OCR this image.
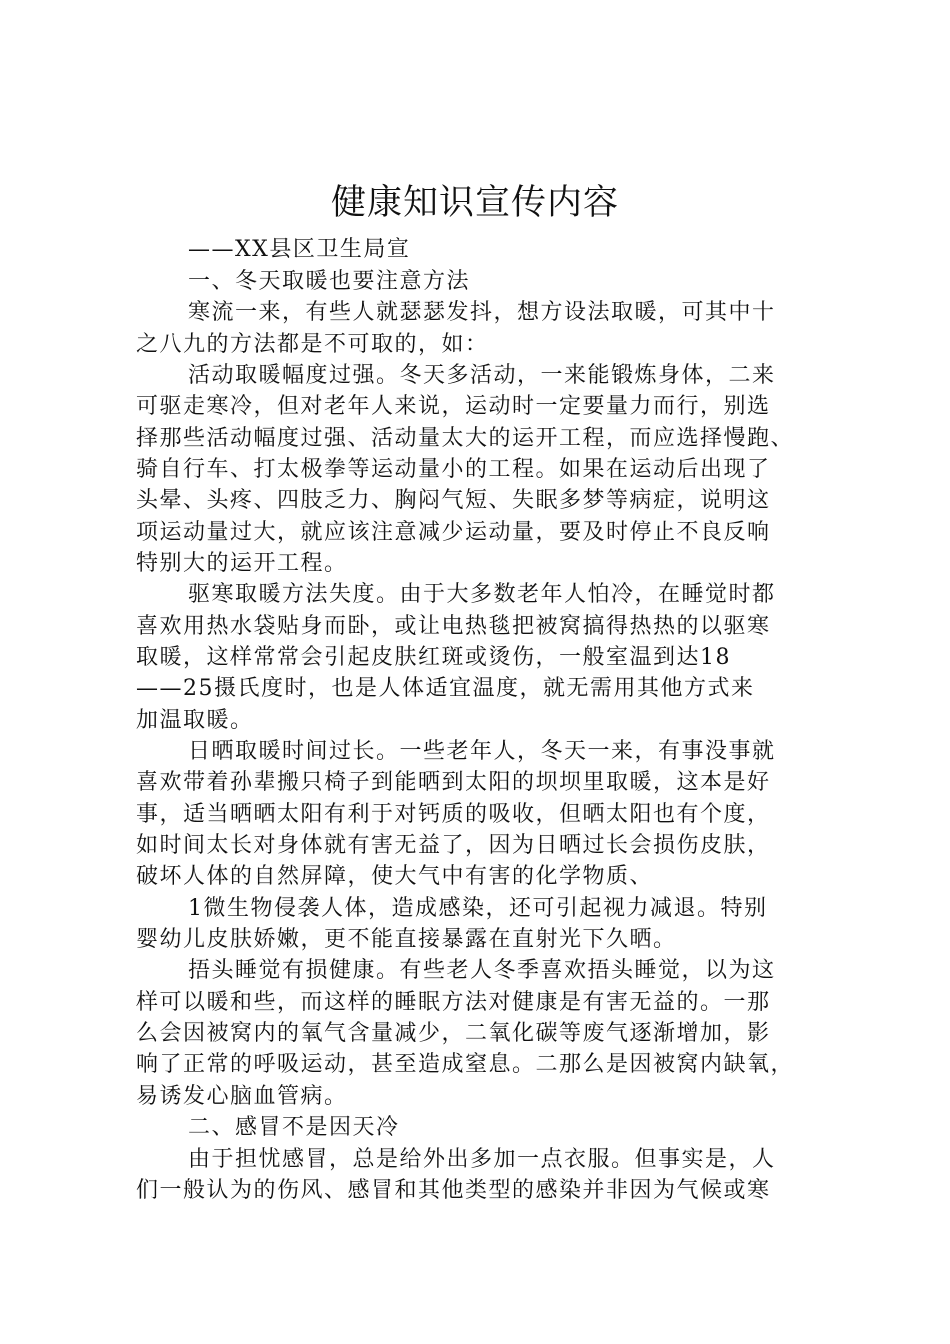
健康知识宣传内容
——XX县区卫生局宣
一、冬天取暖也要注意方法
寒流一来，有些人就瑟瑟发抖，想方设法取暖，可其中十
之八九的方法都是不可取的，如：
活动取暖幅度过强。冬天多活动，一来能锻炼身体，二来
可驱走寒冷，但对老年人来说，运动时一定要量力而行，别选
择那些活动幅度过强、活动量太大的运开工程，而应选择慢跑、
骑自行车、打太极拳等运动量小的工程。如果在运动后出现了
头晕、头疼、四肢乏力、胸闷气短、失眠多梦等病症，说明这
项运动量过大，就应该注意减少运动量，要及时停止不良反响
特别大的运开工程。
驱寒取暖方法失度。由于大多数老年人怕冷，在睡觉时都
喜欢用热水袋贴身而卧，或让电热毯把被窝搞得热热的以驱寒
取暖，这样常常会引起皮肤红斑或烫伤，一般室温到达18
——25摄氏度时，也是人体适宜温度，就无需用其他方式来
加温取暖。
日晒取暖时间过长。一些老年人，冬天一来，有事没事就
喜欢带着孙辈搬只椅子到能晒到太阳的坝坝里取暖，这本是好
事，适当晒晒太阳有利于对钙质的吸收，但晒太阳也有个度，
如时间太长对身体就有害无益了，因为日晒过长会损伤皮肤，
破坏人体的自然屏障，使大气中有害的化学物质、
1微生物侵袭人体，造成感染，还可引起视力减退。特别
婴幼儿皮肤娇嫩，更不能直接暴露在直射光下久晒。
捂头睡觉有损健康。有些老人冬季喜欢捂头睡觉，以为这
样可以暖和些，而这样的睡眠方法对健康是有害无益的。一那
么会因被窝内的氧气含量减少，二氧化碳等废气逐渐增加，影
响了正常的呼吸运动，甚至造成窒息。二那么是因被窝内缺氧，
易诱发心脑血管病。
二、感冒不是因天冷
由于担忧感冒，总是给外出多加一点衣服。但事实是，人
们一般认为的伤风、感冒和其他类型的感染并非因为气候或寒
